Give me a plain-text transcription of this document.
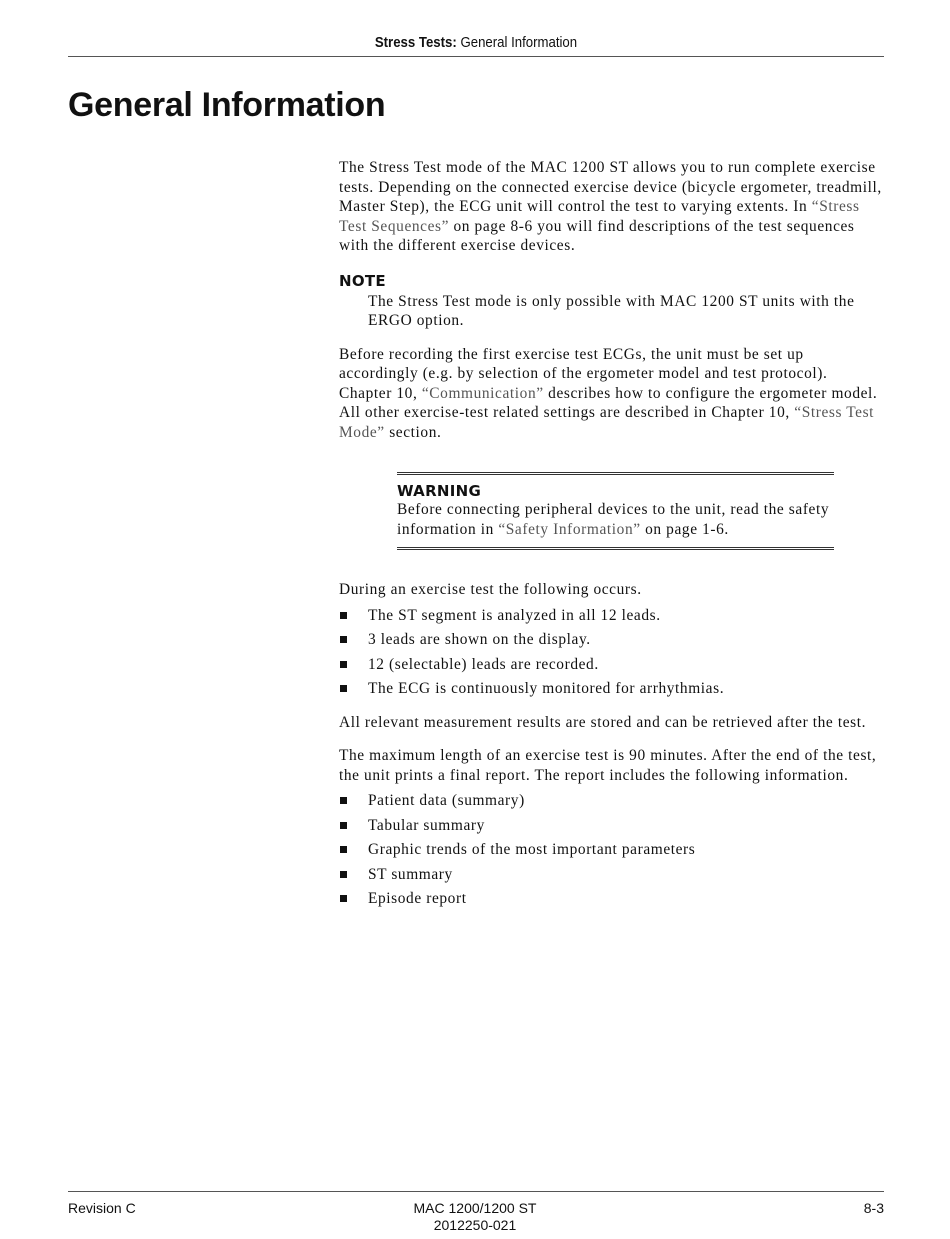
Stress Tests: General Information
General Information

The Stress Test mode of the MAC 1200 ST allows you to run complete exercise tests. Depending on the connected exercise device (bicycle ergometer, treadmill, Master Step), the ECG unit will control the test to varying extents. In “Stress Test Sequences” on page 8-6 you will find descriptions of the test sequences with the different exercise devices.

NOTE

The Stress Test mode is only possible with MAC 1200 ST units with the ERGO option.

Before recording the first exercise test ECGs, the unit must be set up accordingly (e.g. by selection of the ergometer model and test protocol). Chapter 10, “Communication” describes how to configure the ergometer model. All other exercise-test related settings are described in Chapter 10, “Stress Test Mode” section.

WARNING

Before connecting peripheral devices to the unit, read the safety information in “Safety Information” on page 1-6.

During an exercise test the following occurs.

The ST segment is analyzed in all 12 leads.
3 leads are shown on the display.
12 (selectable) leads are recorded.
The ECG is continuously monitored for arrhythmias.

All relevant measurement results are stored and can be retrieved after the test.

The maximum length of an exercise test is 90 minutes. After the end of the test, the unit prints a final report. The report includes the following information.

Patient data (summary)
Tabular summary
Graphic trends of the most important parameters
ST summary
Episode report
Revision C	MAC 1200/1200 ST
2012250-021
8-3
